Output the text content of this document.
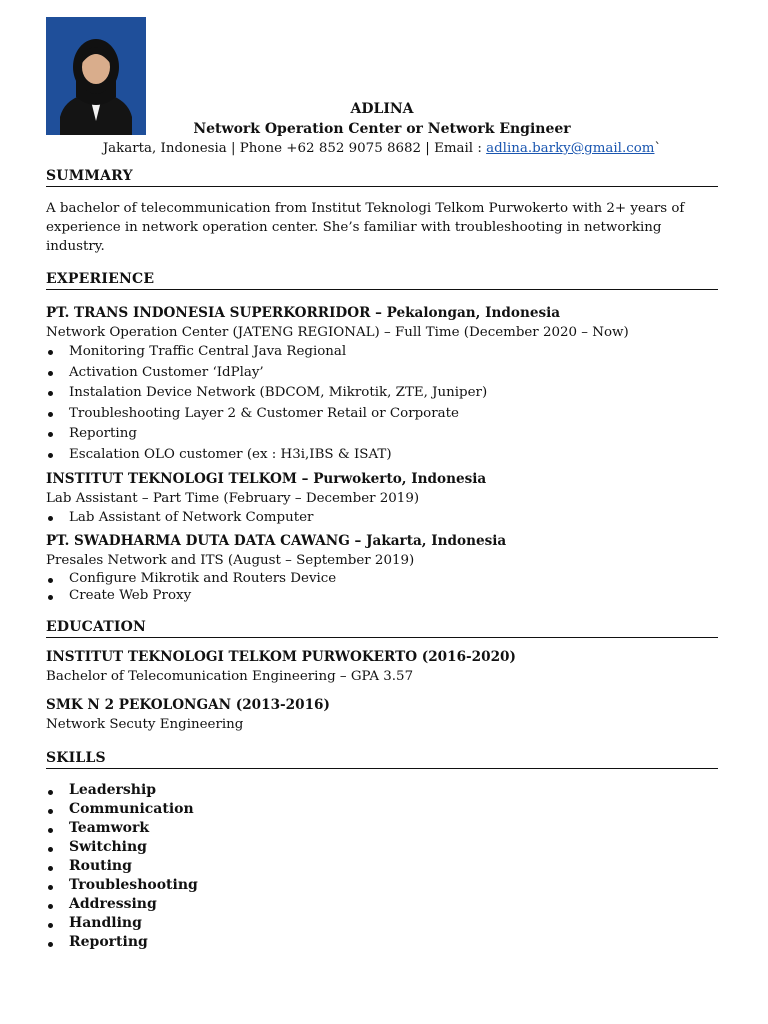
ADLINA
Network Operation Center or Network Engineer
Jakarta, Indonesia | Phone +62 852 9075 8682 | Email : adlina.barky@gmail.com`
SUMMARY

A bachelor of telecommunication from Institut Teknologi Telkom Purwokerto with 2+ years of experience in network operation center. She’s familiar with troubleshooting in networking industry.

EXPERIENCE

PT. TRANS INDONESIA SUPERKORRIDOR – Pekalongan, Indonesia

Network Operation Center (JATENG REGIONAL) – Full Time (December 2020 – Now)

Monitoring Traffic Central Java Regional
Activation Customer ‘IdPlay’
Instalation Device Network (BDCOM, Mikrotik, ZTE, Juniper)
Troubleshooting Layer 2 & Customer Retail or Corporate
Reporting
Escalation OLO customer (ex : H3i,IBS & ISAT)

INSTITUT TEKNOLOGI TELKOM – Purwokerto, Indonesia

Lab Assistant – Part Time (February – December 2019)

Lab Assistant of Network Computer

PT. SWADHARMA DUTA DATA CAWANG – Jakarta, Indonesia

Presales Network and ITS (August – September 2019)

Configure Mikrotik and Routers Device
Create Web Proxy
EDUCATION

INSTITUT TEKNOLOGI TELKOM PURWOKERTO (2016-2020)

Bachelor of Telecomunication Engineering – GPA 3.57

SMK N 2 PEKOLONGAN (2013-2016)

Network Secuty Engineering

SKILLS
Leadership
Communication
Teamwork
Switching
Routing
Troubleshooting
Addressing
Handling
Reporting
